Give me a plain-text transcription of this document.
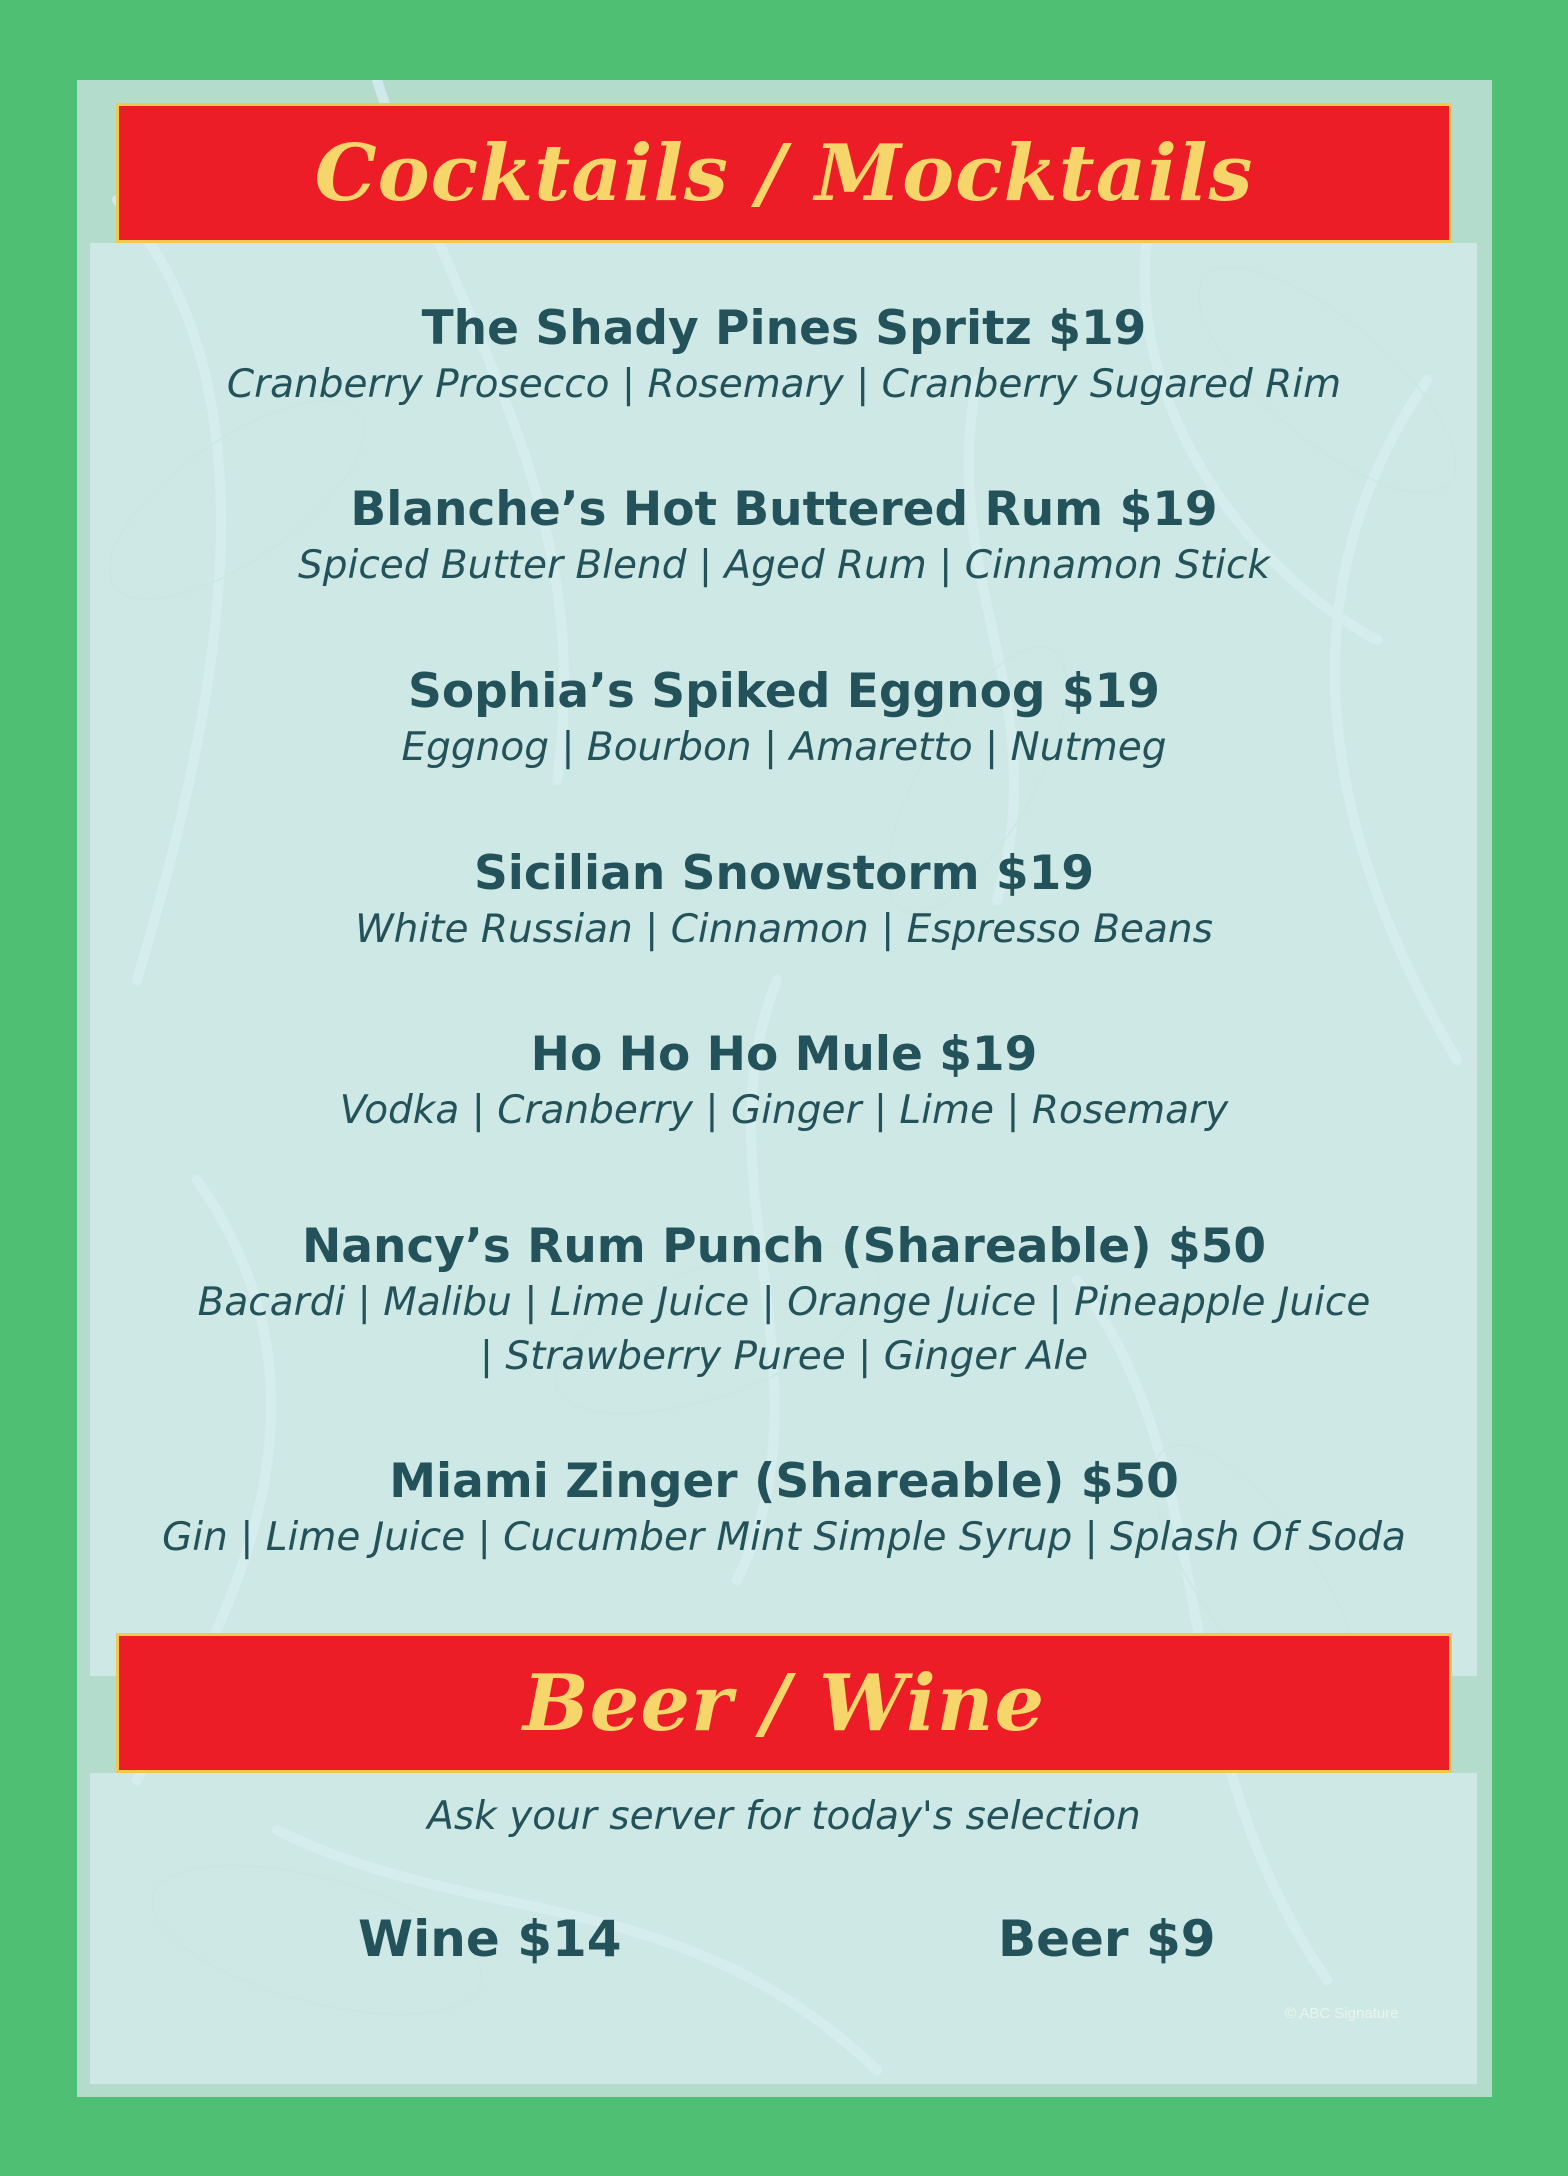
Cocktails / Mocktails
Beer / Wine
The Shady Pines Spritz $19
Cranberry Prosecco | Rosemary | Cranberry Sugared Rim
Blanche’s Hot Buttered Rum $19
Spiced Butter Blend | Aged Rum | Cinnamon Stick
Sophia’s Spiked Eggnog $19
Eggnog | Bourbon | Amaretto | Nutmeg
Sicilian Snowstorm $19
White Russian | Cinnamon | Espresso Beans
Ho Ho Ho Mule $19
Vodka | Cranberry | Ginger | Lime | Rosemary
Nancy’s Rum Punch (Shareable) $50
Bacardi | Malibu | Lime Juice | Orange Juice | Pineapple Juice
| Strawberry Puree | Ginger Ale
Miami Zinger (Shareable) $50
Gin | Lime Juice | Cucumber Mint Simple Syrup | Splash Of Soda
Ask your server for today's selection
Wine $14	Beer $9
© ABC Signature
